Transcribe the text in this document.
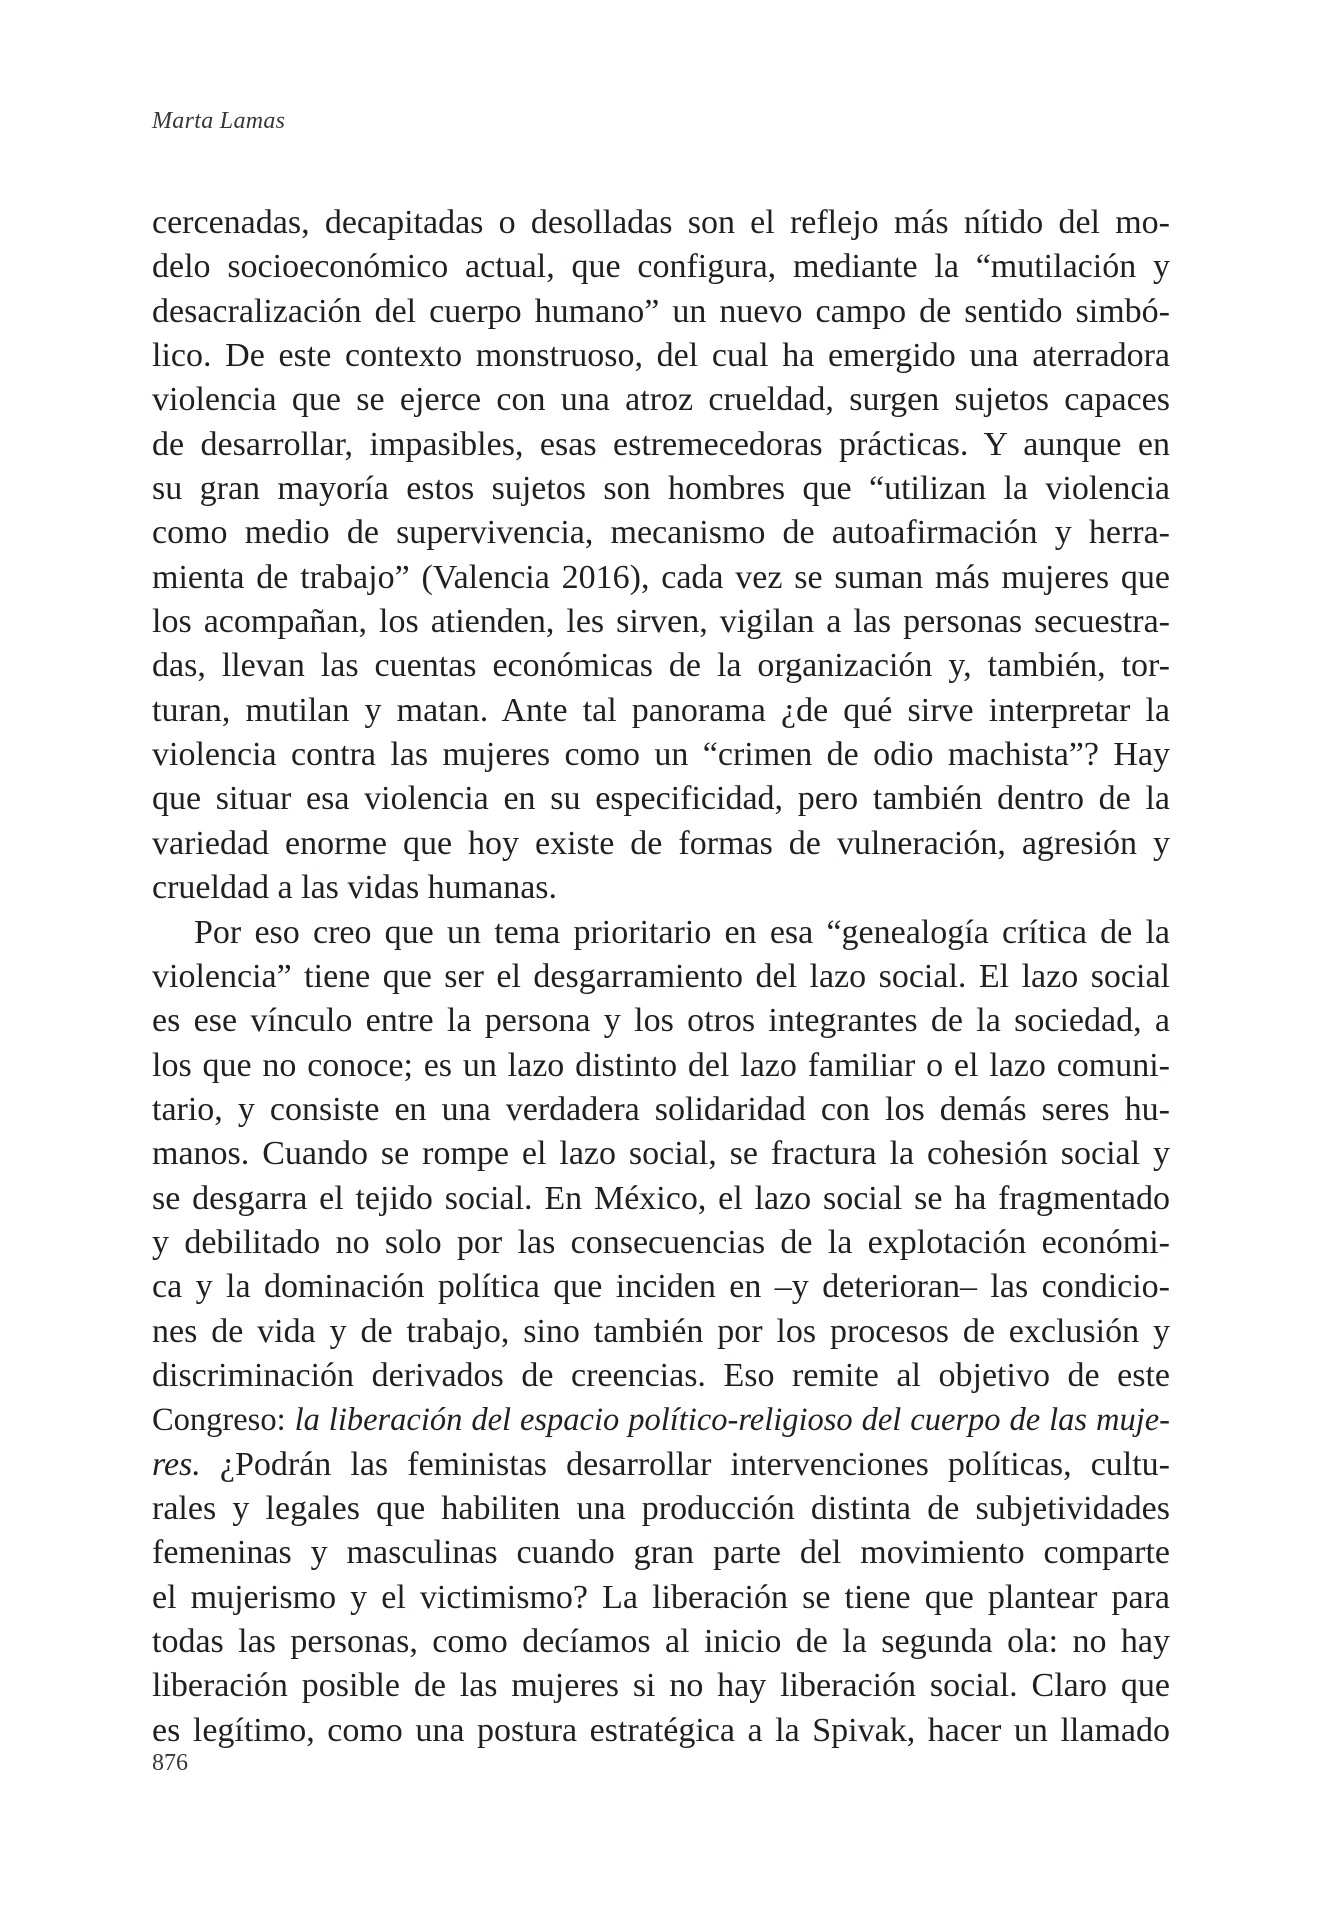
Marta Lamas
cercenadas, decapitadas o desolladas son el reflejo más nítido del mo-
delo socioeconómico actual, que configura, mediante la “mutilación y
desacralización del cuerpo humano” un nuevo campo de sentido simbó-
lico. De este contexto monstruoso, del cual ha emergido una aterradora
violencia que se ejerce con una atroz crueldad, surgen sujetos capaces
de desarrollar, impasibles, esas estremecedoras prácticas. Y aunque en
su gran mayoría estos sujetos son hombres que “utilizan la violencia
como medio de supervivencia, mecanismo de autoafirmación y herra-
mienta de trabajo” (Valencia 2016), cada vez se suman más mujeres que
los acompañan, los atienden, les sirven, vigilan a las personas secuestra-
das, llevan las cuentas económicas de la organización y, también, tor-
turan, mutilan y matan. Ante tal panorama ¿de qué sirve interpretar la
violencia contra las mujeres como un “crimen de odio machista”? Hay
que situar esa violencia en su especificidad, pero también dentro de la
variedad enorme que hoy existe de formas de vulneración, agresión y
crueldad a las vidas humanas.
Por eso creo que un tema prioritario en esa “genealogía crítica de la
violencia” tiene que ser el desgarramiento del lazo social. El lazo social
es ese vínculo entre la persona y los otros integrantes de la sociedad, a
los que no conoce; es un lazo distinto del lazo familiar o el lazo comuni-
tario, y consiste en una verdadera solidaridad con los demás seres hu-
manos. Cuando se rompe el lazo social, se fractura la cohesión social y
se desgarra el tejido social. En México, el lazo social se ha fragmentado
y debilitado no solo por las consecuencias de la explotación económi-
ca y la dominación política que inciden en –y deterioran– las condicio-
nes de vida y de trabajo, sino también por los procesos de exclusión y
discriminación derivados de creencias. Eso remite al objetivo de este
Congreso: la liberación del espacio político-religioso del cuerpo de las muje-
res. ¿Podrán las feministas desarrollar intervenciones políticas, cultu-
rales y legales que habiliten una producción distinta de subjetividades
femeninas y masculinas cuando gran parte del movimiento comparte
el mujerismo y el victimismo? La liberación se tiene que plantear para
todas las personas, como decíamos al inicio de la segunda ola: no hay
liberación posible de las mujeres si no hay liberación social. Claro que
es legítimo, como una postura estratégica a la Spivak, hacer un llamado
876
